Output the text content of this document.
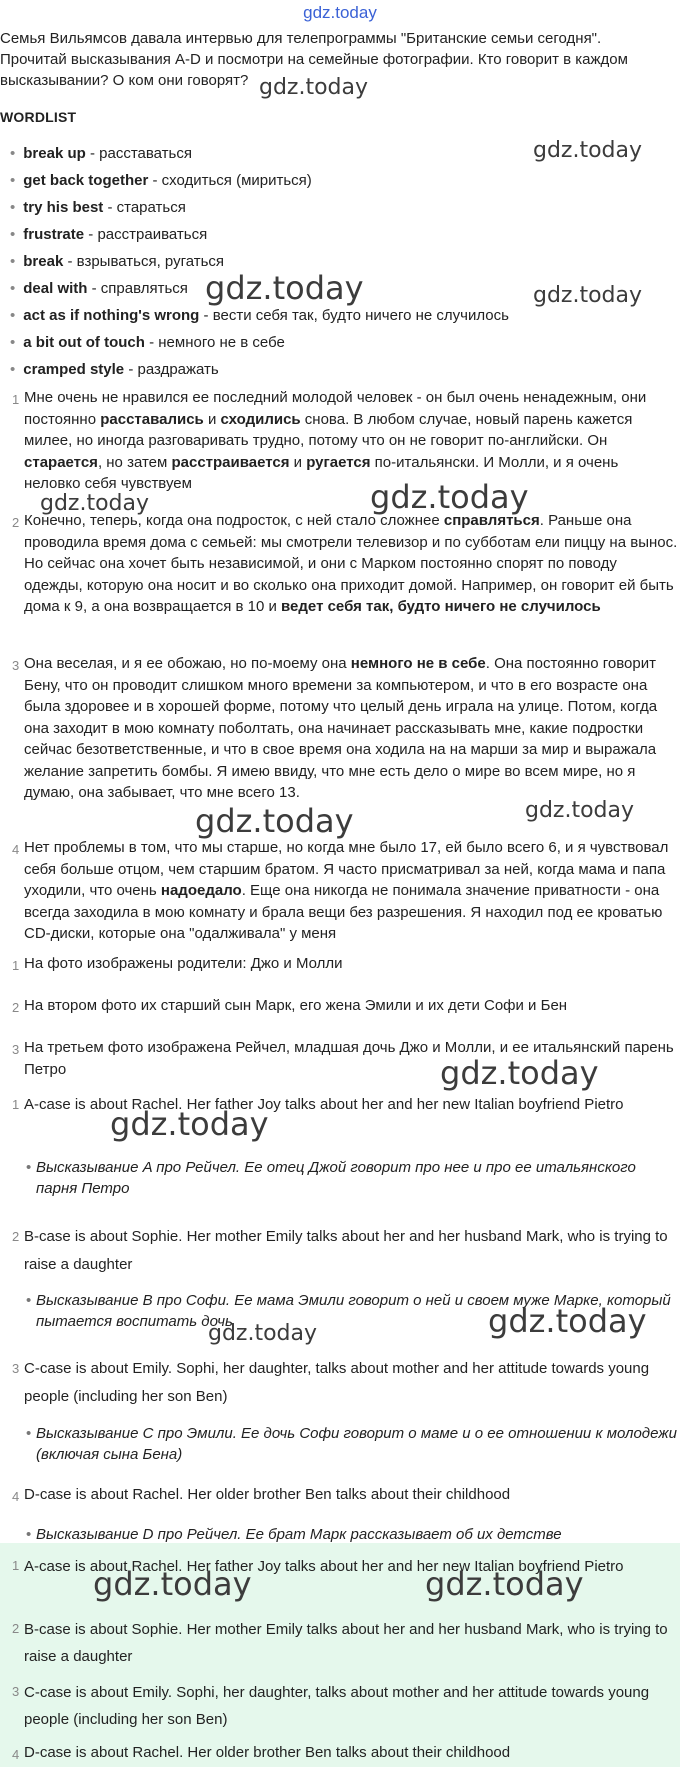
gdz.today

Семья Вильямсов давала интервью для телепрограммы "Британские семьи сегодня".

Прочитай высказывания A-D и посмотри на семейные фотографии. Кто говорит в каждом высказывании? О ком они говорят?

WORDLIST
• break up - расставаться
• get back together - сходиться (мириться)
• try his best - стараться
• frustrate - расстраиваться
• break - взрываться, ругаться
• deal with - справляться
• act as if nothing's wrong - вести себя так, будто ничего не случилось
• a bit out of touch - немного не в себе
• cramped style - раздражать
1 Мне очень не нравился ее последний молодой человек - он был очень ненадежным, они постоянно расставались и сходились снова. В любом случае, новый парень кажется милее, но иногда разговаривать трудно, потому что он не говорит по-английски. Он старается, но затем расстраивается и ругается по-итальянски. И Молли, и я очень неловко себя чувствуем

2 Конечно, теперь, когда она подросток, с ней стало сложнее справляться. Раньше она проводила время дома с семьей: мы смотрели телевизор и по субботам ели пиццу на вынос. Но сейчас она хочет быть независимой, и они с Марком постоянно спорят по поводу одежды, которую она носит и во сколько она приходит домой. Например, он говорит ей быть дома к 9, а она возвращается в 10 и ведет себя так, будто ничего не случилось

3 Она веселая, и я ее обожаю, но по-моему она немного не в себе. Она постоянно говорит Бену, что он проводит слишком много времени за компьютером, и что в его возрасте она была здоровее и в хорошей форме, потому что целый день играла на улице. Потом, когда она заходит в мою комнату поболтать, она начинает рассказывать мне, какие подростки сейчас безответственные, и что в свое время она ходила на на марши за мир и выражала желание запретить бомбы. Я имею ввиду, что мне есть дело о мире во всем мире, но я думаю, она забывает, что мне всего 13.

4 Нет проблемы в том, что мы старше, но когда мне было 17, ей было всего 6, и я чувствовал себя больше отцом, чем старшим братом. Я часто присматривал за ней, когда мама и папа уходили, что очень надоедало. Еще она никогда не понимала значение приватности - она всегда заходила в мою комнату и брала вещи без разрешения. Я находил под ее кроватью CD-диски, которые она "одалживала" у меня

1 На фото изображены родители: Джо и Молли

2 На втором фото их старший сын Марк, его жена Эмили и их дети Софи и Бен

3 На третьем фото изображена Рейчел, младшая дочь Джо и Молли, и ее итальянский парень Петро

1 A-case is about Rachel. Her father Joy talks about her and her new Italian boyfriend Pietro

• Высказывание A про Рейчел. Ее отец Джой говорит про нее и про ее итальянского парня Петро
2 B-case is about Sophie. Her mother Emily talks about her and her husband Mark, who is trying to raise a daughter

• Высказывание B про Софи. Ее мама Эмили говорит о ней и своем муже Марке, который пытается воспитать дочь
3 C-case is about Emily. Sophi, her daughter, talks about mother and her attitude towards young people (including her son Ben)

• Высказывание C про Эмили. Ее дочь Софи говорит о маме и о ее отношении к молодежи (включая сына Бена)
4 D-case is about Rachel. Her older brother Ben talks about their childhood

• Высказывание D про Рейчел. Ее брат Марк рассказывает об их детстве
1 A-case is about Rachel. Her father Joy talks about her and her new Italian boyfriend Pietro

2 B-case is about Sophie. Her mother Emily talks about her and her husband Mark, who is trying to raise a daughter

3 C-case is about Emily. Sophi, her daughter, talks about mother and her attitude towards young people (including her son Ben)

4 D-case is about Rachel. Her older brother Ben talks about their childhood

gdz.today
gdz.today
gdz.today	gdz.today
gdz.today
gdz.today
gdz.today	gdz.today
gdz.today
gdz.today
gdz.today
gdz.today
gdz.today	gdz.today
